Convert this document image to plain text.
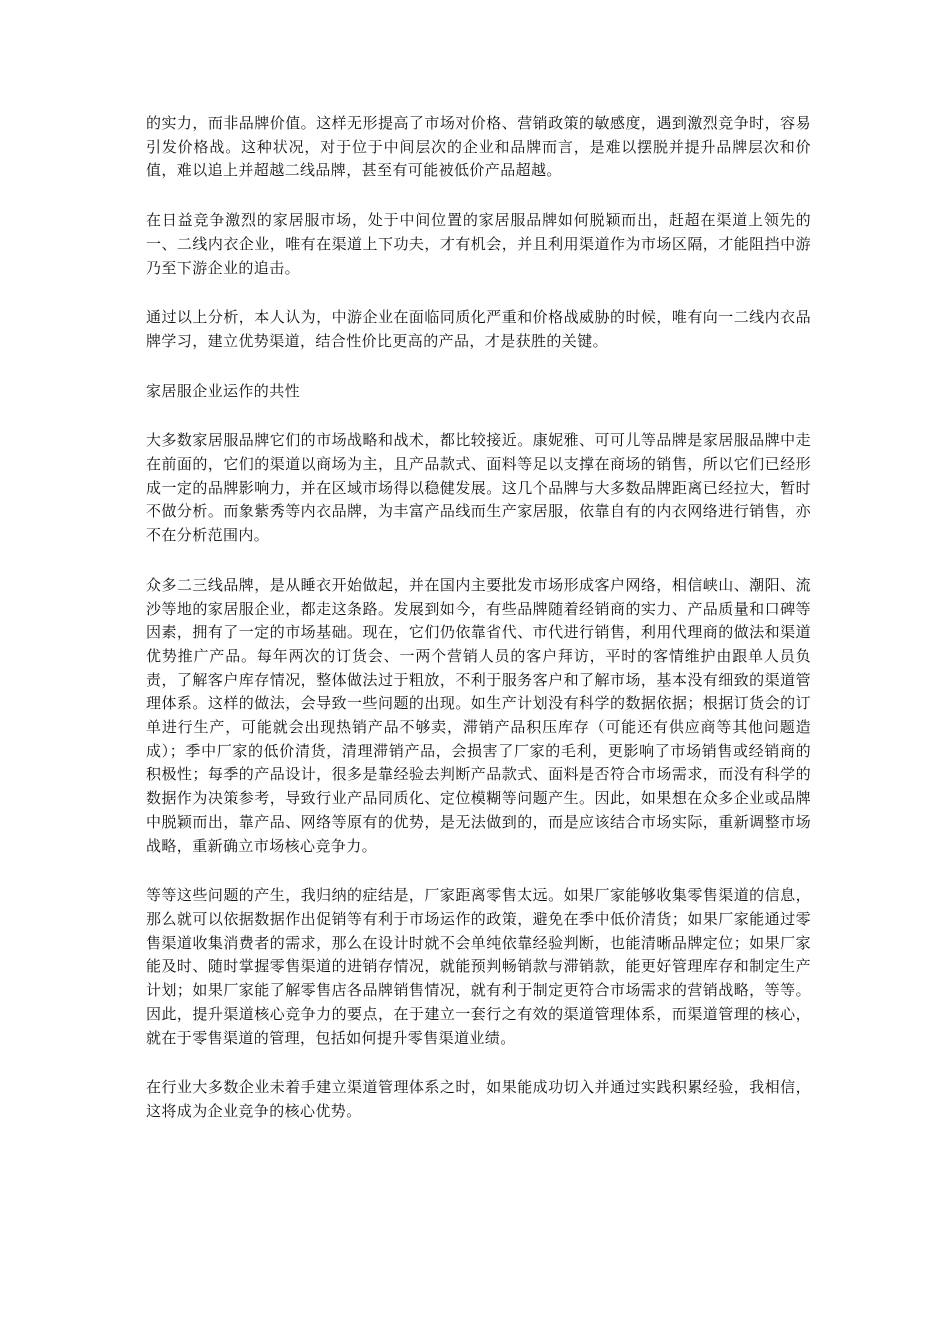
的实力，而非品牌价值。这样无形提高了市场对价格、营销政策的敏感度，遇到激烈竞争时，容易引发价格战。这种状况，对于位于中间层次的企业和品牌而言，是难以摆脱并提升品牌层次和价值，难以追上并超越二线品牌，甚至有可能被低价产品超越。

在日益竞争激烈的家居服市场，处于中间位置的家居服品牌如何脱颖而出，赶超在渠道上领先的一、二线内衣企业，唯有在渠道上下功夫，才有机会，并且利用渠道作为市场区隔，才能阻挡中游乃至下游企业的追击。

通过以上分析，本人认为，中游企业在面临同质化严重和价格战威胁的时候，唯有向一二线内衣品牌学习，建立优势渠道，结合性价比更高的产品，才是获胜的关键。

家居服企业运作的共性

大多数家居服品牌它们的市场战略和战术，都比较接近。康妮雅、可可儿等品牌是家居服品牌中走在前面的，它们的渠道以商场为主，且产品款式、面料等足以支撑在商场的销售，所以它们已经形成一定的品牌影响力，并在区域市场得以稳健发展。这几个品牌与大多数品牌距离已经拉大，暂时不做分析。而象紫秀等内衣品牌，为丰富产品线而生产家居服，依靠自有的内衣网络进行销售，亦不在分析范围内。

众多二三线品牌，是从睡衣开始做起，并在国内主要批发市场形成客户网络，相信峡山、潮阳、流沙等地的家居服企业，都走这条路。发展到如今，有些品牌随着经销商的实力、产品质量和口碑等因素，拥有了一定的市场基础。现在，它们仍依靠省代、市代进行销售，利用代理商的做法和渠道优势推广产品。每年两次的订货会、一两个营销人员的客户拜访，平时的客情维护由跟单人员负责，了解客户库存情况，整体做法过于粗放，不利于服务客户和了解市场，基本没有细致的渠道管理体系。这样的做法，会导致一些问题的出现。如生产计划没有科学的数据依据；根据订货会的订单进行生产，可能就会出现热销产品不够卖，滞销产品积压库存（可能还有供应商等其他问题造成）；季中厂家的低价清货，清理滞销产品，会损害了厂家的毛利，更影响了市场销售或经销商的积极性；每季的产品设计，很多是靠经验去判断产品款式、面料是否符合市场需求，而没有科学的数据作为决策参考，导致行业产品同质化、定位模糊等问题产生。因此，如果想在众多企业或品牌中脱颖而出，靠产品、网络等原有的优势，是无法做到的，而是应该结合市场实际，重新调整市场战略，重新确立市场核心竞争力。

等等这些问题的产生，我归纳的症结是，厂家距离零售太远。如果厂家能够收集零售渠道的信息，那么就可以依据数据作出促销等有利于市场运作的政策，避免在季中低价清货；如果厂家能通过零售渠道收集消费者的需求，那么在设计时就不会单纯依靠经验判断，也能清晰品牌定位；如果厂家能及时、随时掌握零售渠道的进销存情况，就能预判畅销款与滞销款，能更好管理库存和制定生产计划；如果厂家能了解零售店各品牌销售情况，就有利于制定更符合市场需求的营销战略，等等。因此，提升渠道核心竞争力的要点，在于建立一套行之有效的渠道管理体系，而渠道管理的核心，就在于零售渠道的管理，包括如何提升零售渠道业绩。

在行业大多数企业未着手建立渠道管理体系之时，如果能成功切入并通过实践积累经验，我相信，这将成为企业竞争的核心优势。
